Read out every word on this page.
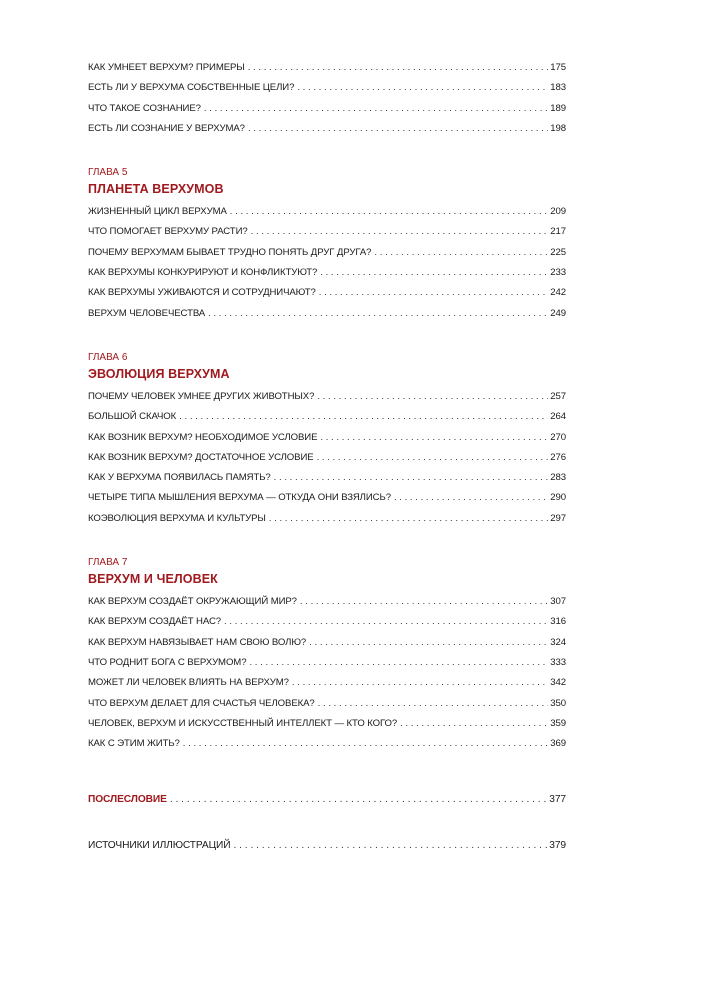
КАК УМНЕЕТ ВЕРХУМ? ПРИМЕРЫ . . .	175
ЕСТЬ ЛИ У ВЕРХУМА СОБСТВЕННЫЕ ЦЕЛИ? . . .	183
ЧТО ТАКОЕ СОЗНАНИЕ? . . .	189
ЕСТЬ ЛИ СОЗНАНИЕ У ВЕРХУМА? . . .	198
ГЛАВА 5
ПЛАНЕТА ВЕРХУМОВ
ЖИЗНЕННЫЙ ЦИКЛ ВЕРХУМА . . .	209
ЧТО ПОМОГАЕТ ВЕРХУМУ РАСТИ? . . .	217
ПОЧЕМУ ВЕРХУМАМ БЫВАЕТ ТРУДНО ПОНЯТЬ ДРУГ ДРУГА? . . .	225
КАК ВЕРХУМЫ КОНКУРИРУЮТ И КОНФЛИКТУЮТ? . . .	233
КАК ВЕРХУМЫ УЖИВАЮТСЯ И СОТРУДНИЧАЮТ? . . .	242
ВЕРХУМ ЧЕЛОВЕЧЕСТВА . . .	249
ГЛАВА 6
ЭВОЛЮЦИЯ ВЕРХУМА
ПОЧЕМУ ЧЕЛОВЕК УМНЕЕ ДРУГИХ ЖИВОТНЫХ? . . .	257
БОЛЬШОЙ СКАЧОК . . .	264
КАК ВОЗНИК ВЕРХУМ? НЕОБХОДИМОЕ УСЛОВИЕ . . .	270
КАК ВОЗНИК ВЕРХУМ? ДОСТАТОЧНОЕ УСЛОВИЕ . . .	276
КАК У ВЕРХУМА ПОЯВИЛАСЬ ПАМЯТЬ? . . .	283
ЧЕТЫРЕ ТИПА МЫШЛЕНИЯ ВЕРХУМА — ОТКУДА ОНИ ВЗЯЛИСЬ? . . .	290
КОЭВОЛЮЦИЯ ВЕРХУМА И КУЛЬТУРЫ . . .	297
ГЛАВА 7
ВЕРХУМ И ЧЕЛОВЕК
КАК ВЕРХУМ СОЗДАЁТ ОКРУЖАЮЩИЙ МИР? . . .	307
КАК ВЕРХУМ СОЗДАЁТ НАС? . . .	316
КАК ВЕРХУМ НАВЯЗЫВАЕТ НАМ СВОЮ ВОЛЮ? . . .	324
ЧТО РОДНИТ БОГА С ВЕРХУМОМ? . . .	333
МОЖЕТ ЛИ ЧЕЛОВЕК ВЛИЯТЬ НА ВЕРХУМ? . . .	342
ЧТО ВЕРХУМ ДЕЛАЕТ ДЛЯ СЧАСТЬЯ ЧЕЛОВЕКА? . . .	350
ЧЕЛОВЕК, ВЕРХУМ И ИСКУССТВЕННЫЙ ИНТЕЛЛЕКТ — КТО КОГО? . . .	359
КАК С ЭТИМ ЖИТЬ? . . .	369
ПОСЛЕСЛОВИЕ . . .	377
ИСТОЧНИКИ ИЛЛЮСТРАЦИЙ . . .	379
